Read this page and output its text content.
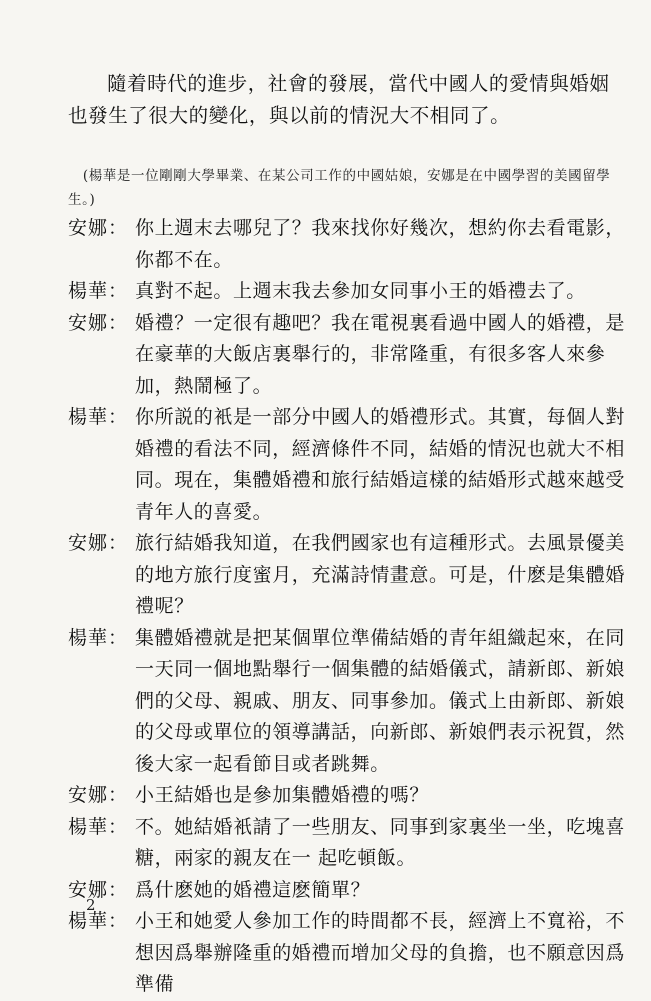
隨着時代的進步，社會的發展，當代中國人的愛情與婚姻也發生了很大的變化，與以前的情況大不相同了。

(楊華是一位剛剛大學畢業、在某公司工作的中國姑娘，安娜是在中國學習的美國留學生。)

安娜： 你上週末去哪兒了？我來找你好幾次，想約你去看電影，你都不在。
楊華： 真對不起。上週末我去參加女同事小王的婚禮去了。
安娜： 婚禮？一定很有趣吧？我在電視裏看過中國人的婚禮，是在豪華的大飯店裏舉行的，非常隆重，有很多客人來參加，熱鬧極了。
楊華： 你所説的衹是一部分中國人的婚禮形式。其實，每個人對婚禮的看法不同，經濟條件不同，結婚的情況也就大不相同。現在，集體婚禮和旅行結婚這樣的結婚形式越來越受青年人的喜愛。
安娜： 旅行結婚我知道，在我們國家也有這種形式。去風景優美的地方旅行度蜜月，充滿詩情畫意。可是，什麽是集體婚禮呢？
楊華： 集體婚禮就是把某個單位準備結婚的青年組織起來，在同一天同一個地點舉行一個集體的結婚儀式，請新郎、新娘們的父母、親戚、朋友、同事參加。儀式上由新郎、新娘的父母或單位的領導講話，向新郎、新娘們表示祝賀，然後大家一起看節目或者跳舞。
安娜： 小王結婚也是參加集體婚禮的嗎？
楊華： 不。她結婚衹請了一些朋友、同事到家裏坐一坐，吃塊喜糖，兩家的親友在一 起吃頓飯。
安娜： 爲什麽她的婚禮這麽簡單？
楊華： 小王和她愛人參加工作的時間都不長，經濟上不寬裕，不想因爲舉辦隆重的婚禮而增加父母的負擔，也不願意因爲準備
2
